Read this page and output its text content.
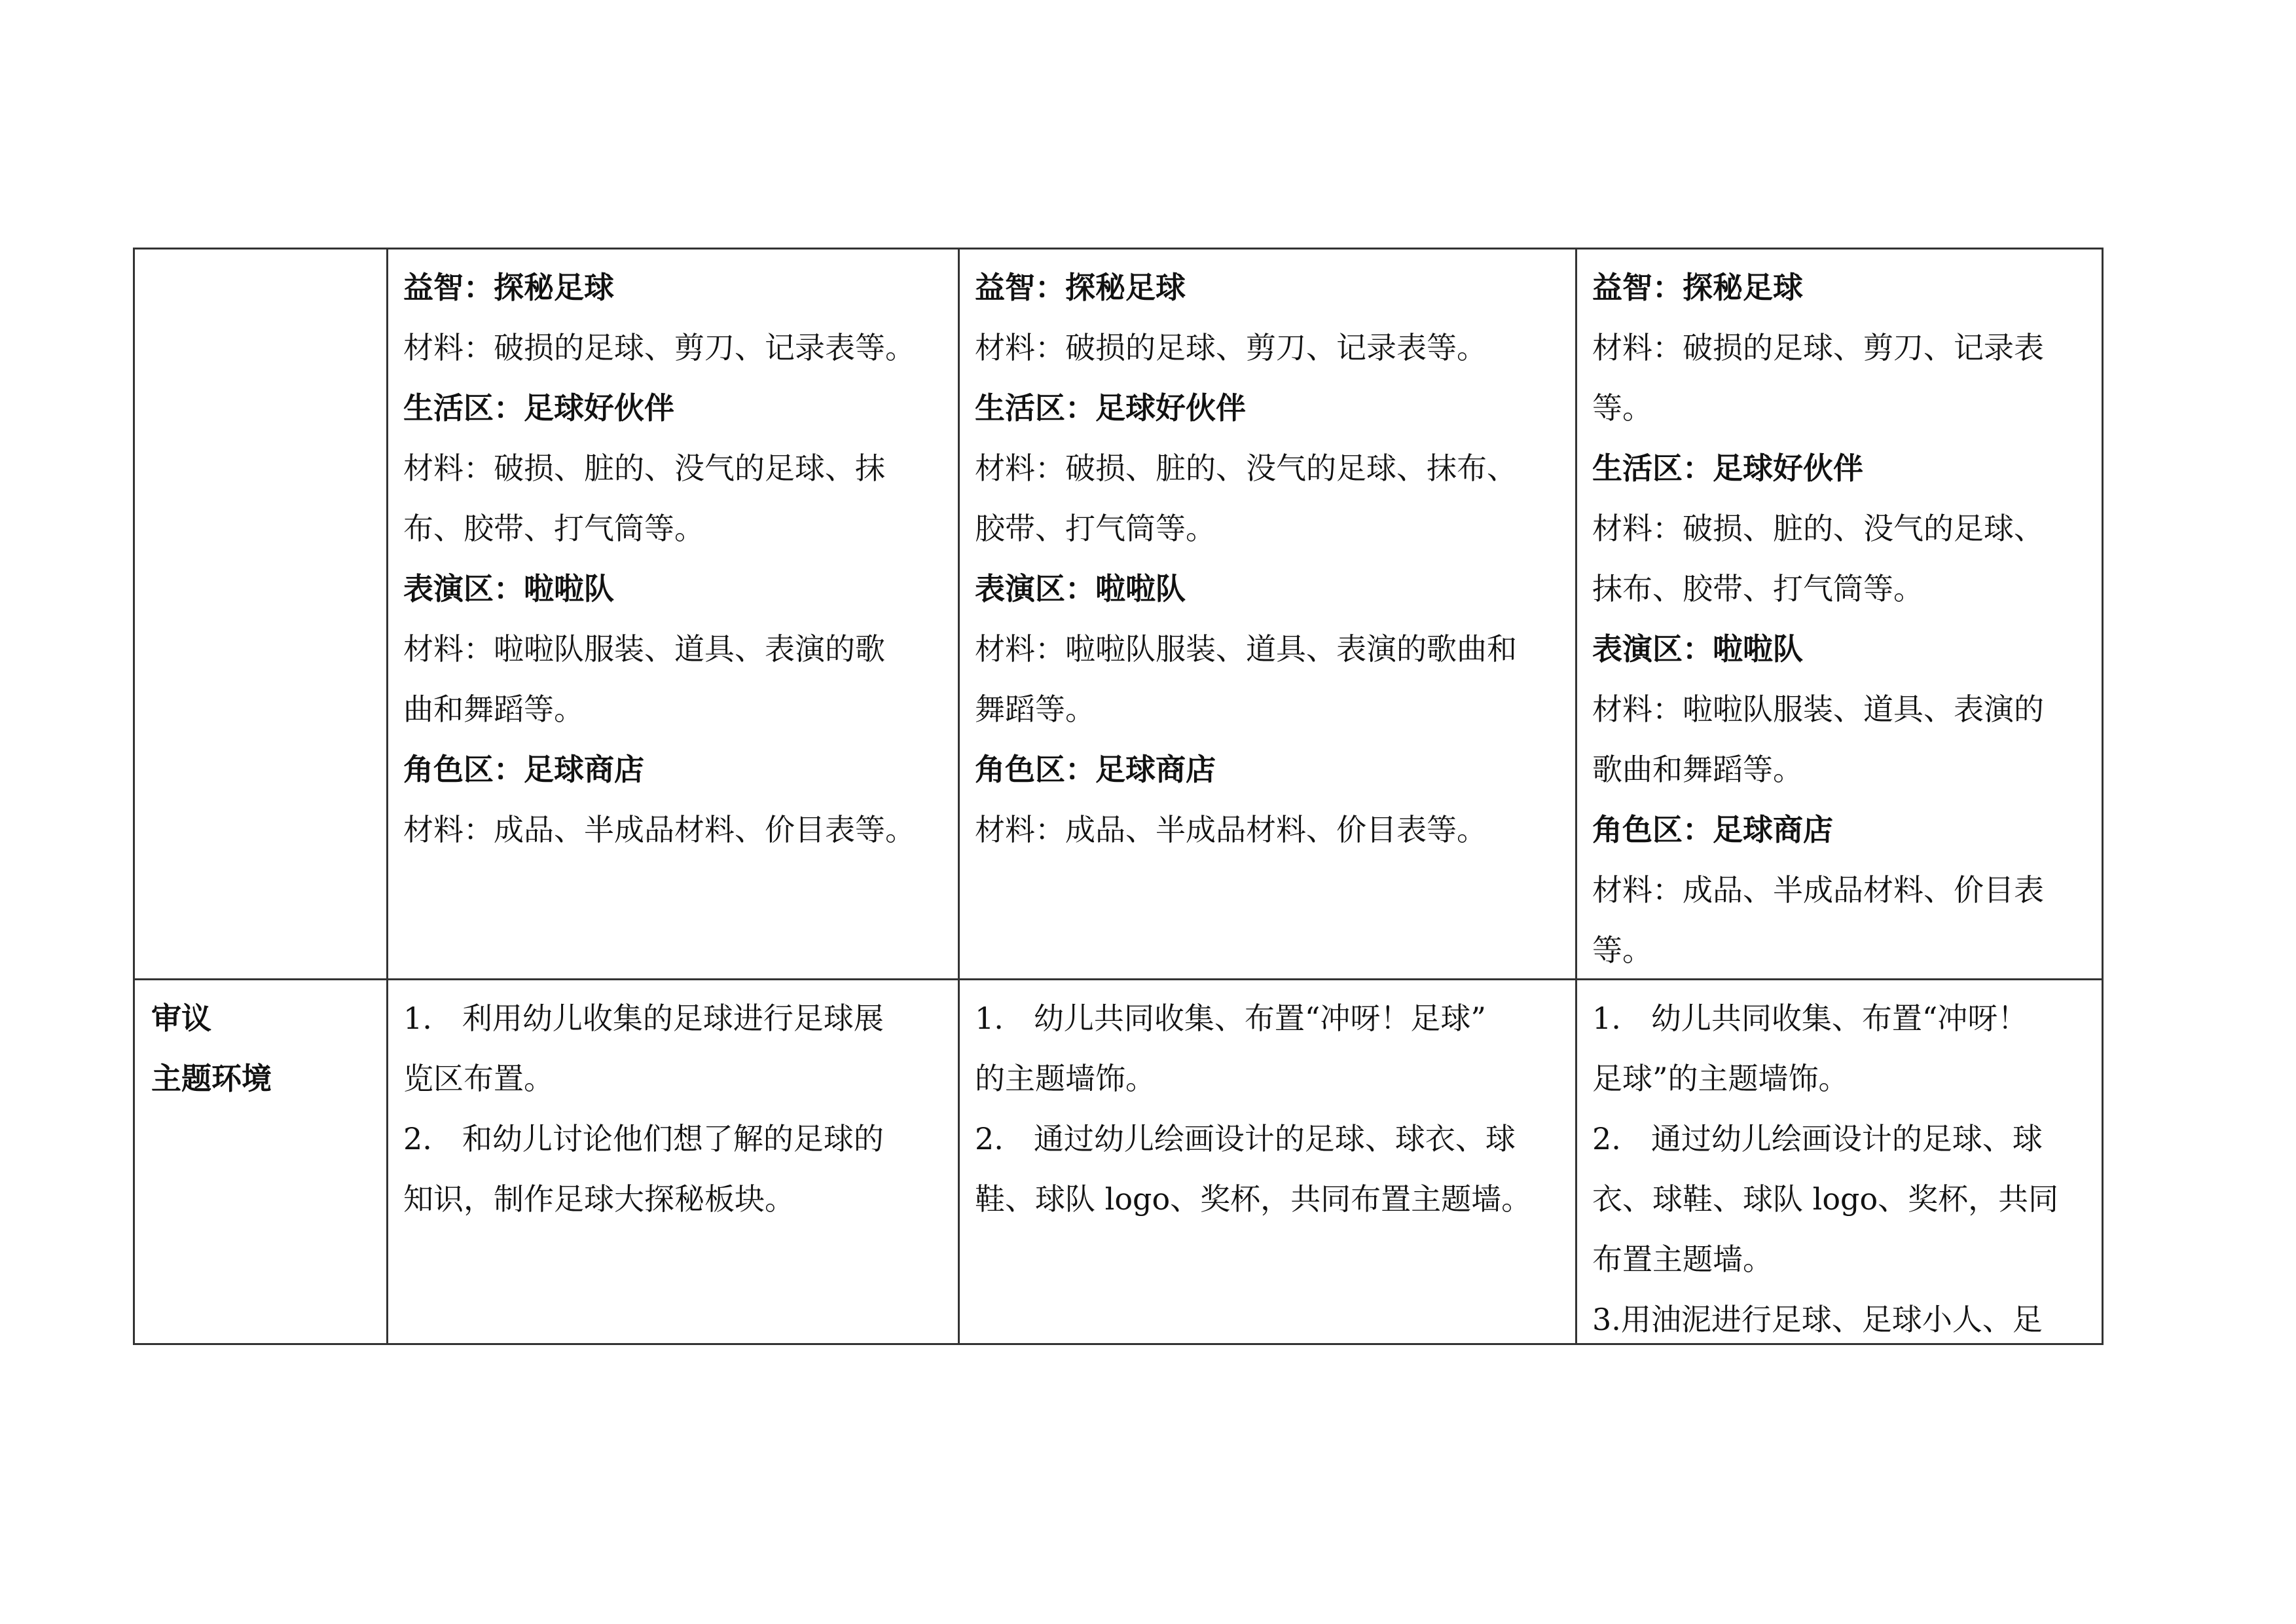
益智：探秘足球
材料：破损的足球、剪刀、记录表等。
生活区：足球好伙伴
材料：破损、脏的、没气的足球、抹
布、胶带、打气筒等。
表演区：啦啦队
材料：啦啦队服装、道具、表演的歌
曲和舞蹈等。
角色区：足球商店
材料：成品、半成品材料、价目表等。
益智：探秘足球
材料：破损的足球、剪刀、记录表等。
生活区：足球好伙伴
材料：破损、脏的、没气的足球、抹布、
胶带、打气筒等。
表演区：啦啦队
材料：啦啦队服装、道具、表演的歌曲和
舞蹈等。
角色区：足球商店
材料：成品、半成品材料、价目表等。
益智：探秘足球
材料：破损的足球、剪刀、记录表
等。
生活区：足球好伙伴
材料：破损、脏的、没气的足球、
抹布、胶带、打气筒等。
表演区：啦啦队
材料：啦啦队服装、道具、表演的
歌曲和舞蹈等。
角色区：足球商店
材料：成品、半成品材料、价目表
等。
审议
主题环境
1.　利用幼儿收集的足球进行足球展
览区布置。
2.　和幼儿讨论他们想了解的足球的
知识，制作足球大探秘板块。
1.　幼儿共同收集、布置“冲呀！足球”
的主题墙饰。
2.　通过幼儿绘画设计的足球、球衣、球
鞋、球队 logo、奖杯，共同布置主题墙。
1.　幼儿共同收集、布置“冲呀！
足球”的主题墙饰。
2.　通过幼儿绘画设计的足球、球
衣、球鞋、球队 logo、奖杯，共同
布置主题墙。
3.用油泥进行足球、足球小人、足
